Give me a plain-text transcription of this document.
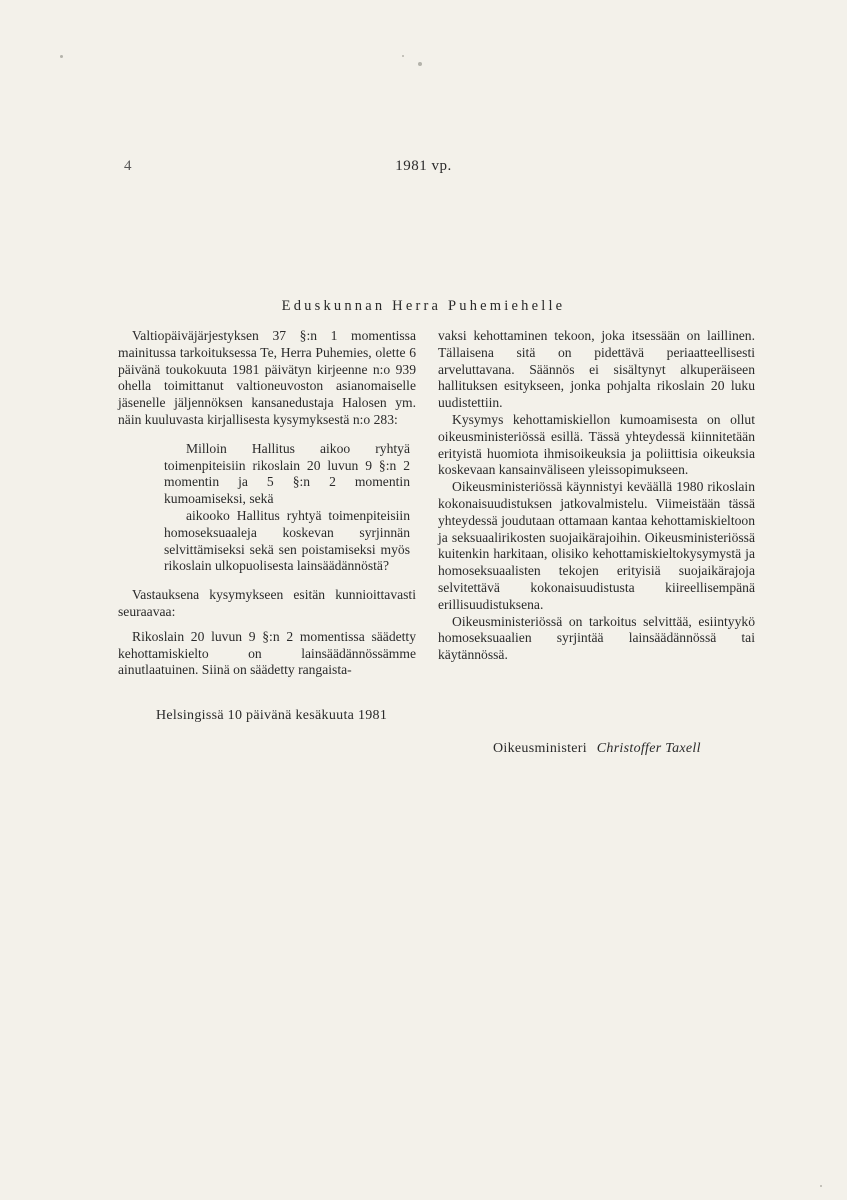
4	1981 vp.
Eduskunnan Herra Puhemiehelle

Valtiopäiväjärjestyksen 37 §:n 1 momentissa mainitussa tarkoituksessa Te, Herra Puhemies, olette 6 päivänä toukokuuta 1981 päivätyn kirjeenne n:o 939 ohella toimittanut valtioneuvoston asianomaiselle jäsenelle jäljennöksen kansanedustaja Halosen ym. näin kuuluvasta kirjallisesta kysymyksestä n:o 283:

Milloin Hallitus aikoo ryhtyä toimenpiteisiin rikoslain 20 luvun 9 §:n 2 momentin ja 5 §:n 2 momentin kumoamiseksi, sekä

aikooko Hallitus ryhtyä toimenpiteisiin homoseksuaaleja koskevan syrjinnän selvittämiseksi sekä sen poistamiseksi myös rikoslain ulkopuolisesta lainsäädännöstä?

Vastauksena kysymykseen esitän kunnioittavasti seuraavaa:

Rikoslain 20 luvun 9 §:n 2 momentissa säädetty kehottamiskielto on lainsäädännössämme ainutlaatuinen. Siinä on säädetty rangaista-

vaksi kehottaminen tekoon, joka itsessään on laillinen. Tällaisena sitä on pidettävä periaatteellisesti arveluttavana. Säännös ei sisältynyt alkuperäiseen hallituksen esitykseen, jonka pohjalta rikoslain 20 luku uudistettiin.

Kysymys kehottamiskiellon kumoamisesta on ollut oikeusministeriössä esillä. Tässä yhteydessä kiinnitetään erityistä huomiota ihmisoikeuksia ja poliittisia oikeuksia koskevaan kansainväliseen yleissopimukseen.

Oikeusministeriössä käynnistyi keväällä 1980 rikoslain kokonaisuudistuksen jatkovalmistelu. Viimeistään tässä yhteydessä joudutaan ottamaan kantaa kehottamiskieltoon ja seksuaalirikosten suojaikärajoihin. Oikeusministeriössä kuitenkin harkitaan, olisiko kehottamiskieltokysymystä ja homoseksuaalisten tekojen erityisiä suojaikärajoja selvitettävä kokonaisuudistusta kiireellisempänä erillisuudistuksena.

Oikeusministeriössä on tarkoitus selvittää, esiintyykö homoseksuaalien syrjintää lainsäädännössä tai käytännössä.

Helsingissä 10 päivänä kesäkuuta 1981
Oikeusministeri Christoffer Taxell
